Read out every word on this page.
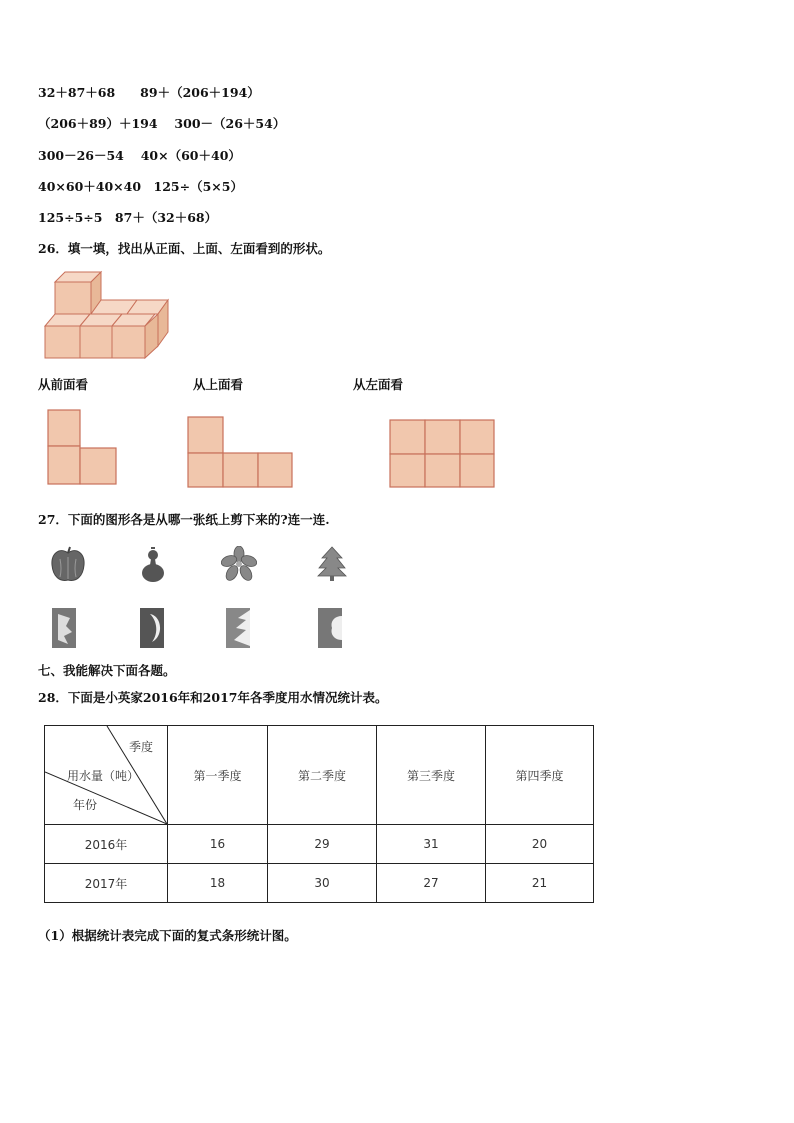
32＋87＋68　　89＋（206＋194）
（206＋89）＋194　 300－（26＋54）
300－26－54　 40×（60＋40）
40×60＋40×40　125÷（5×5）
125÷5÷5　87＋（32＋68）
26．填一填，找出从正面、上面、左面看到的形状。
从前面看	从上面看	从左面看
27．下面的图形各是从哪一张纸上剪下来的?连一连.
七、我能解决下面各题。
28．下面是小英家2016年和2017年各季度用水情况统计表。
季度
用水量（吨）
年份	第一季度	第二季度	第三季度	第四季度
2016年	16	29	31	20
2017年	18	30	27	21
（1）根据统计表完成下面的复式条形统计图。
